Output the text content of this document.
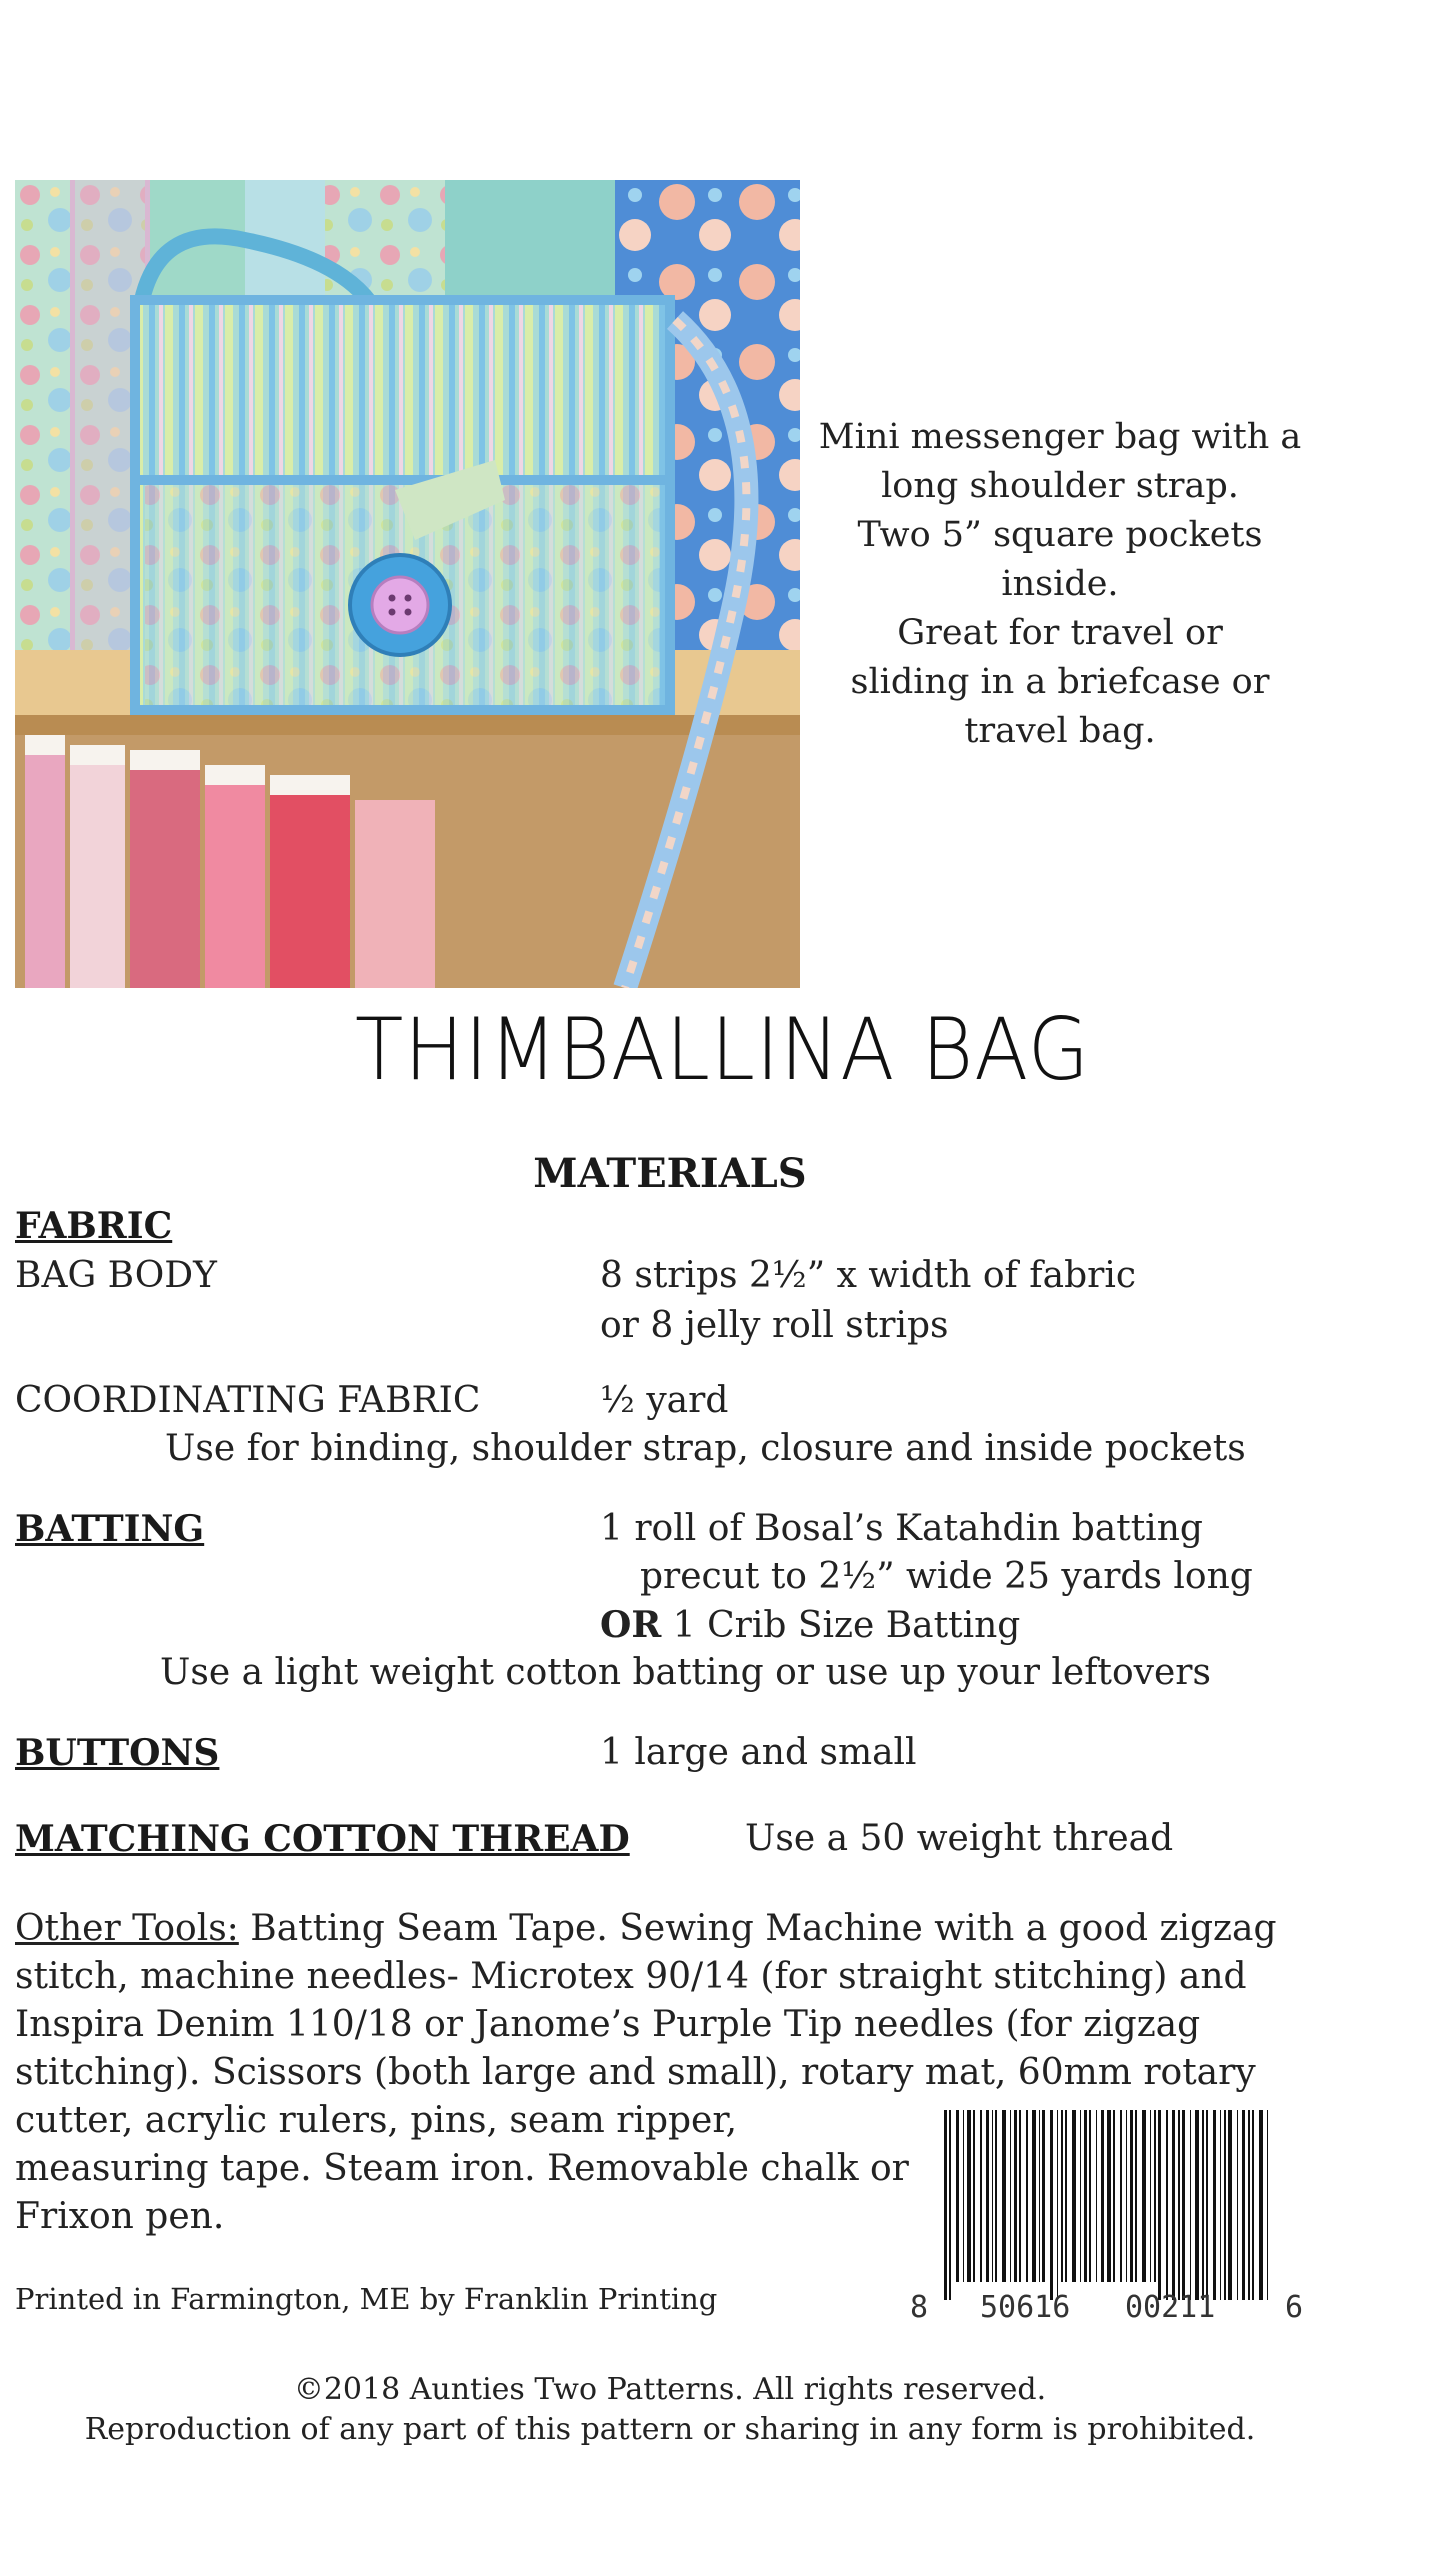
Mini messenger bag with a
long shoulder strap.
Two 5” square pockets
inside.
Great for travel or
sliding in a briefcase or
travel bag.
THIMBALLINA BAG
MATERIALS
FABRIC
BAG BODY	8 strips 2½” x width of fabric
or 8 jelly roll strips
COORDINATING FABRIC	½ yard
Use for binding, shoulder strap, closure and inside pockets
BATTING	1 roll of Bosal’s Katahdin batting
precut to 2½” wide 25 yards long
OR 1 Crib Size Batting
Use a light weight cotton batting or use up your leftovers
BUTTONS	1 large and small
MATCHING COTTON THREAD	Use a 50 weight thread
Other Tools: Batting Seam Tape. Sewing Machine with a good zigzag
stitch, machine needles- Microtex 90/14 (for straight stitching) and
Inspira Denim 110/18 or Janome’s Purple Tip needles (for zigzag
stitching). Scissors (both large and small), rotary mat, 60mm rotary
cutter, acrylic rulers, pins, seam ripper,
measuring tape. Steam iron. Removable chalk or
Frixon pen.
8 50616 00211 6
Printed in Farmington, ME by Franklin Printing
©2018 Aunties Two Patterns. All rights reserved.
Reproduction of any part of this pattern or sharing in any form is prohibited.
